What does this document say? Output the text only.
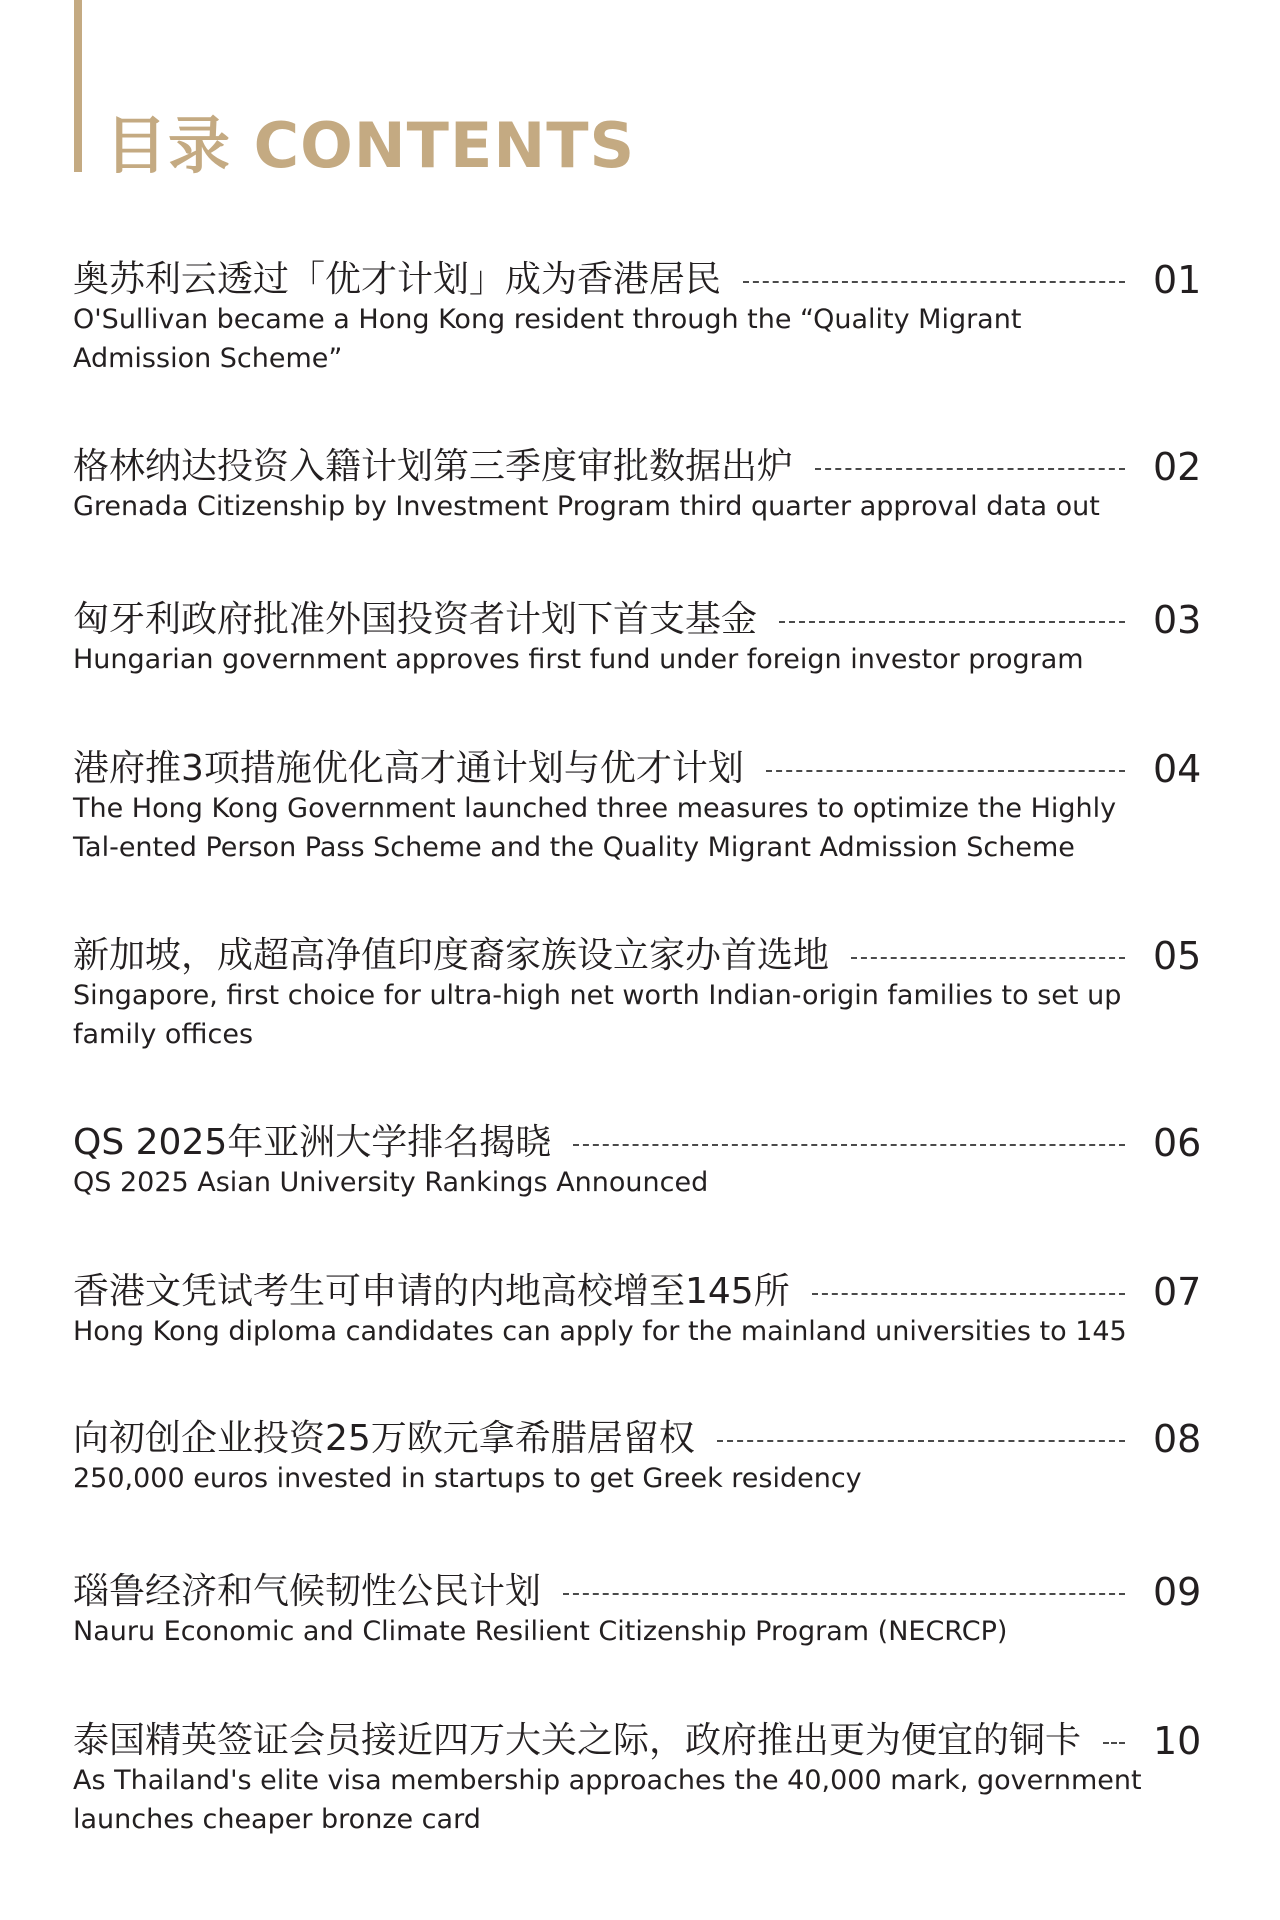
目录 CONTENTS
奥苏利云透过「优才计划」成为香港居民	01
O'Sullivan became a Hong Kong resident through the “Quality Migrant Admission Scheme”
格林纳达投资入籍计划第三季度审批数据出炉	02
Grenada Citizenship by Investment Program third quarter approval data out
匈牙利政府批准外国投资者计划下首支基金	03
Hungarian government approves first fund under foreign investor program
港府推3项措施优化高才通计划与优才计划	04
The Hong Kong Government launched three measures to optimize the Highly Tal-ented Person Pass Scheme and the Quality Migrant Admission Scheme
新加坡，成超高净值印度裔家族设立家办首选地	05
Singapore, first choice for ultra-high net worth Indian-origin families to set up family offices
QS 2025年亚洲大学排名揭晓	06
QS 2025 Asian University Rankings Announced
香港文凭试考生可申请的内地高校增至145所	07
Hong Kong diploma candidates can apply for the mainland universities to 145
向初创企业投资25万欧元拿希腊居留权	08
250,000 euros invested in startups to get Greek residency
瑙鲁经济和气候韧性公民计划	09
Nauru Economic and Climate Resilient Citizenship Program (NECRCP)
泰国精英签证会员接近四万大关之际，政府推出更为便宜的铜卡 10
As Thailand's elite visa membership approaches the 40,000 mark, government launches cheaper bronze card
